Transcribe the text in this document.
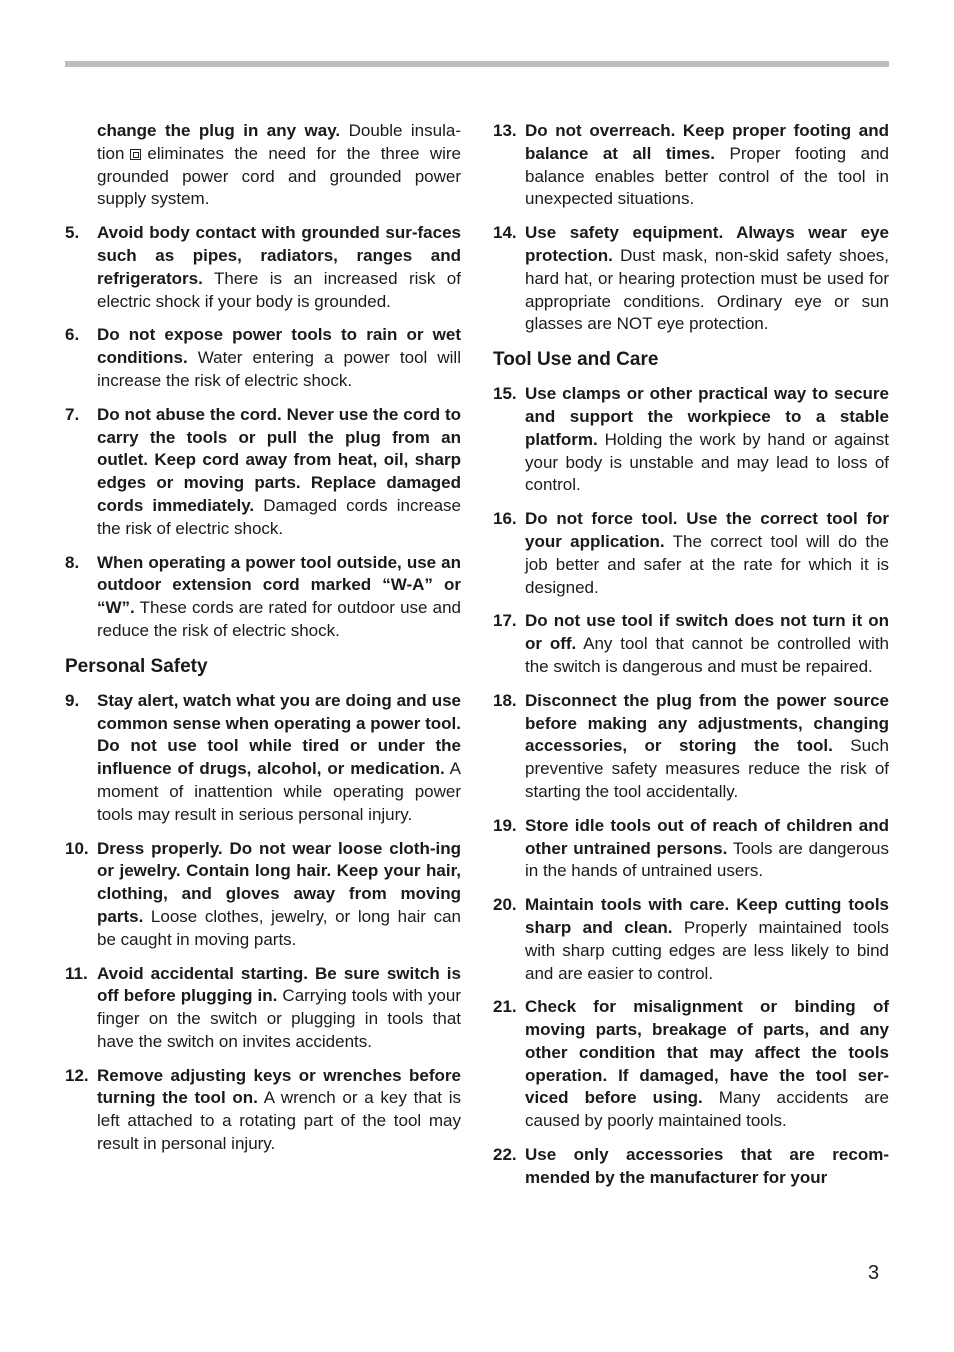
change the plug in any way. Double insula-tion eliminates the need for the three wire grounded power cord and grounded power supply system.
5.	Avoid body contact with grounded sur-faces such as pipes, radiators, ranges and refrigerators. There is an increased risk of electric shock if your body is grounded.
6.	Do not expose power tools to rain or wet conditions. Water entering a power tool will increase the risk of electric shock.
7.	Do not abuse the cord. Never use the cord to carry the tools or pull the plug from an outlet. Keep cord away from heat, oil, sharp edges or moving parts. Replace damaged cords immediately. Damaged cords increase the risk of electric shock.
8.	When operating a power tool outside, use an outdoor extension cord marked “W-A” or “W”. These cords are rated for outdoor use and reduce the risk of electric shock.
Personal Safety
9.	Stay alert, watch what you are doing and use common sense when operating a power tool. Do not use tool while tired or under the influence of drugs, alcohol, or medication. A moment of inattention while operating power tools may result in serious personal injury.
10. Dress properly. Do not wear loose cloth-ing or jewelry. Contain long hair. Keep your hair, clothing, and gloves away from moving parts. Loose clothes, jewelry, or long hair can be caught in moving parts.
11. Avoid accidental starting. Be sure switch is off before plugging in. Carrying tools with your finger on the switch or plugging in tools that have the switch on invites accidents.
12. Remove adjusting keys or wrenches before turning the tool on. A wrench or a key that is left attached to a rotating part of the tool may result in personal injury.
13. Do not overreach. Keep proper footing and balance at all times. Proper footing and balance enables better control of the tool in unexpected situations.
14. Use safety equipment. Always wear eye protection. Dust mask, non-skid safety shoes, hard hat, or hearing protection must be used for appropriate conditions. Ordinary eye or sun glasses are NOT eye protection.
Tool Use and Care
15. Use clamps or other practical way to secure and support the workpiece to a stable platform. Holding the work by hand or against your body is unstable and may lead to loss of control.
16. Do not force tool. Use the correct tool for your application. The correct tool will do the job better and safer at the rate for which it is designed.
17. Do not use tool if switch does not turn it on or off. Any tool that cannot be controlled with the switch is dangerous and must be repaired.
18. Disconnect the plug from the power source before making any adjustments, changing accessories, or storing the tool. Such preventive safety measures reduce the risk of starting the tool accidentally.
19. Store idle tools out of reach of children and other untrained persons. Tools are dangerous in the hands of untrained users.
20. Maintain tools with care. Keep cutting tools sharp and clean. Properly maintained tools with sharp cutting edges are less likely to bind and are easier to control.
21. Check for misalignment or binding of moving parts, breakage of parts, and any other condition that may affect the tools operation. If damaged, have the tool ser-viced before using. Many accidents are caused by poorly maintained tools.
22. Use only accessories that are recom-mended by the manufacturer for your
3
